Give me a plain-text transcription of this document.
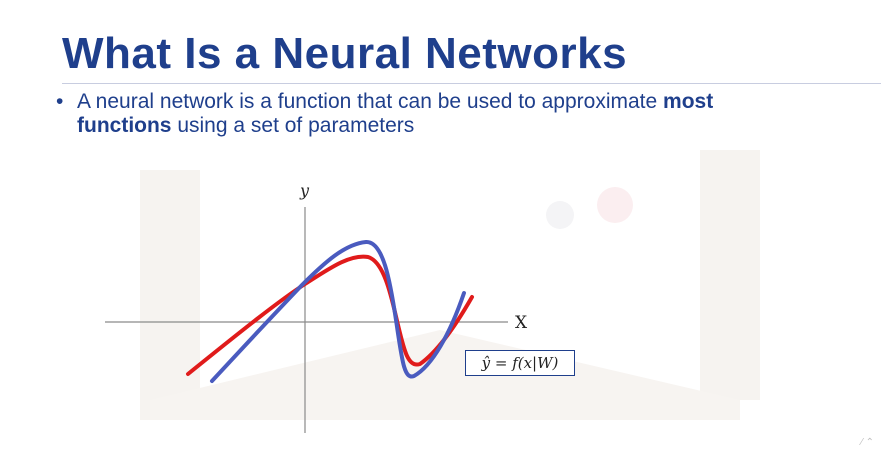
What Is a Neural Networks
• A neural network is a function that can be used to approximate most
functions using a set of parameters
y
X
ŷ = f(x|W)
⁄ ⌃
